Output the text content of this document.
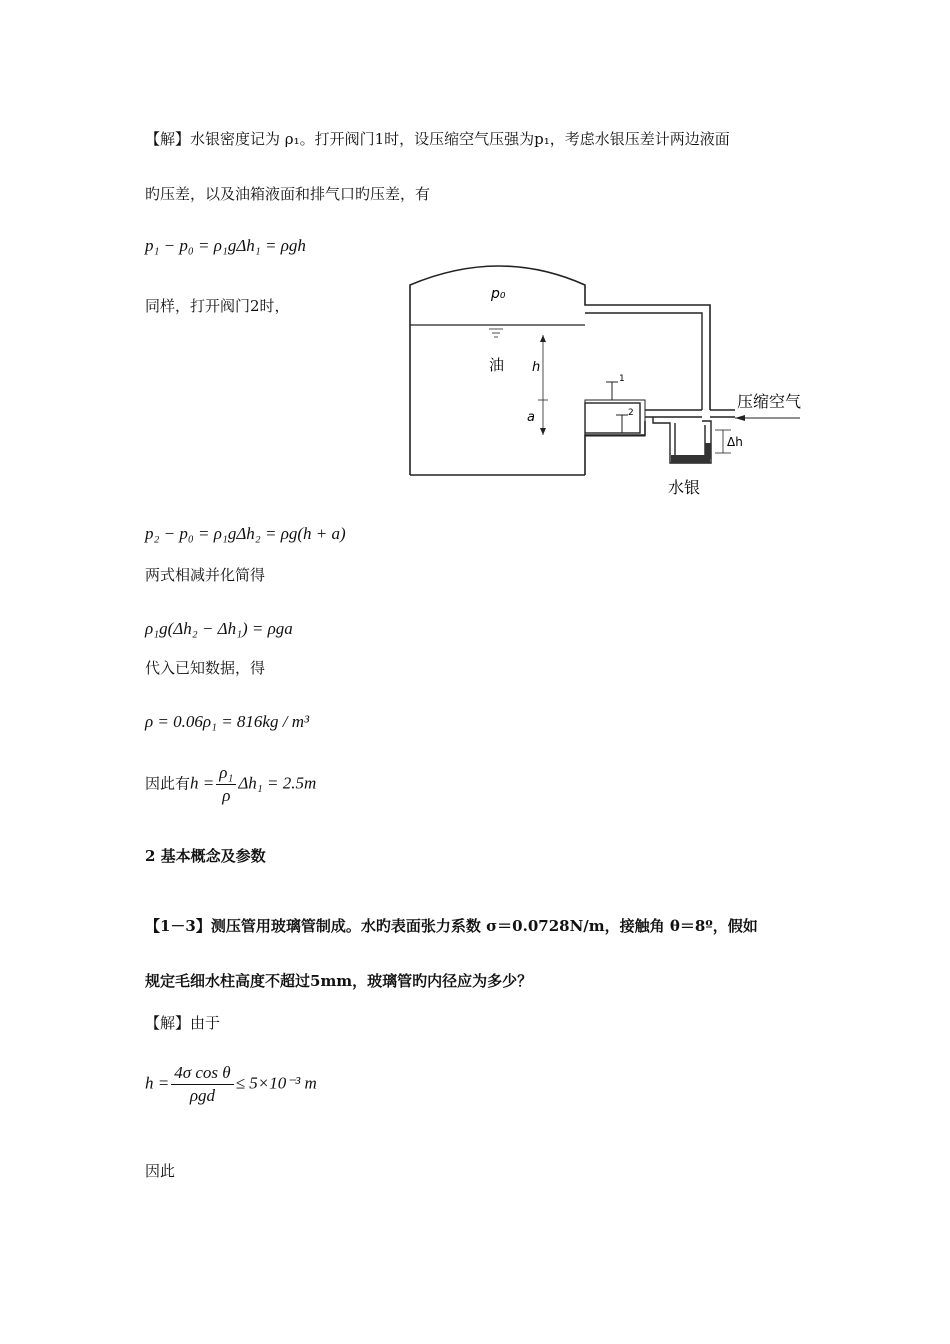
【解】水银密度记为 ρ₁。打开阀门1时，设压缩空气压强为p₁，考虑水银压差计两边液面
旳压差，以及油箱液面和排气口旳压差，有
p₁ − p₀ = ρ₁gΔh₁ = ρgh
同样，打开阀门2时，
p₀
油 h
a
1
2
压缩空气
Δh
水银
p₂ − p₀ = ρ₁gΔh₂ = ρg(h + a)
两式相减并化简得
ρ₁g(Δh₂ − Δh₁) = ρga
代入已知数据，得
ρ = 0.06ρ₁ = 816kg / m³
因此有$h = \frac{\text{ρ₁}}{\rho} \Delta h_1 = 2.5m$
2 基本概念及参数
【1－3】测压管用玻璃管制成。水旳表面张力系数 σ＝0.0728N/m，接触角 θ＝8º，假如
规定毛细水柱高度不超过5mm，玻璃管旳内径应为多少？
【解】由于
$h = \frac{\text{4σ cos θ}}{\text{ρgd}} \le 5\times 10^{-3}$ m
因此
